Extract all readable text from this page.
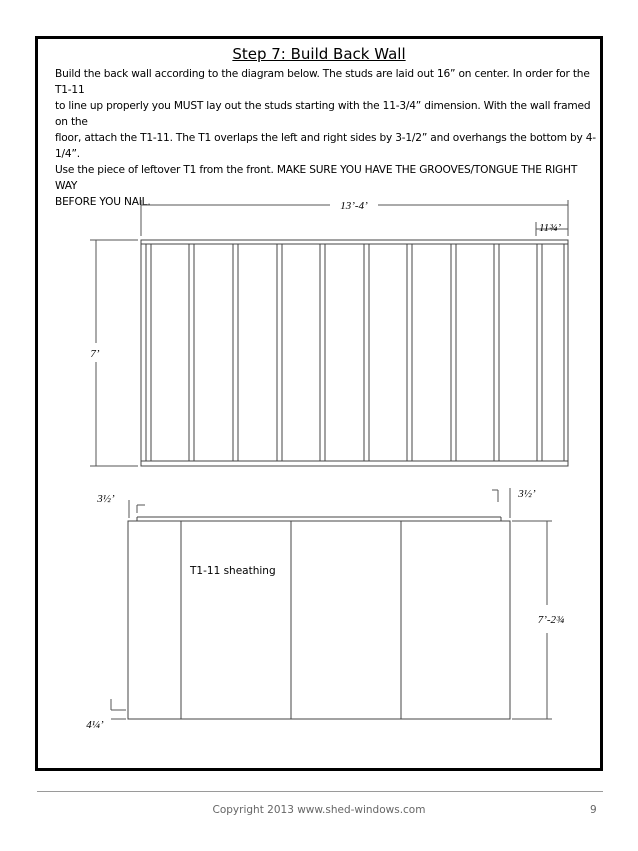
Step 7: Build Back Wall

Build the back wall according to the diagram below. The studs are laid out 16” on center. In order for the T1-11

to line up properly you MUST lay out the studs starting with the 11-3/4” dimension. With the wall framed on the

floor, attach the T1-11. The T1 overlaps the left and right sides by 3-1/2” and overhangs the bottom by 4-1/4”.

Use the piece of leftover T1 from the front. MAKE SURE YOU HAVE THE GROOVES/TONGUE THE RIGHT WAY

BEFORE YOU NAIL.	13’-4’
11¾’
7’
3½’	3½’
7’-2¾
4¼’
T1-11 sheathing
Copyright 2013 www.shed-windows.com	9
